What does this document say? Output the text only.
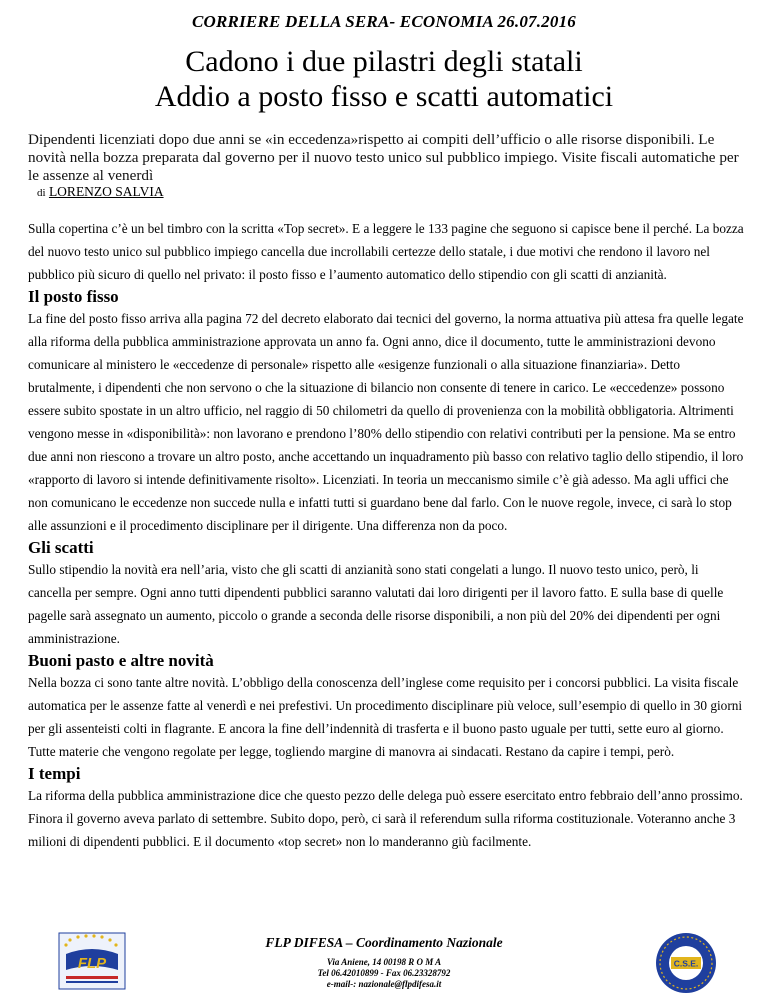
CORRIERE DELLA SERA- ECONOMIA 26.07.2016
Cadono i due pilastri degli statali
Addio a posto fisso e scatti automatici
Dipendenti licenziati dopo due anni se «in eccedenza»rispetto ai compiti dell’ufficio o alle risorse disponibili. Le novità nella bozza preparata dal governo per il nuovo testo unico sul pubblico impiego. Visite fiscali automatiche per le assenze al venerdì
di LORENZO SALVIA

Sulla copertina c’è un bel timbro con la scritta «Top secret». E a leggere le 133 pagine che seguono si capisce bene il perché. La bozza del nuovo testo unico sul pubblico impiego cancella due incrollabili certezze dello statale, i due motivi che rendono il lavoro nel pubblico più sicuro di quello nel privato: il posto fisso e l’aumento automatico dello stipendio con gli scatti di anzianità.

Il posto fisso

La fine del posto fisso arriva alla pagina 72 del decreto elaborato dai tecnici del governo, la norma attuativa più attesa fra quelle legate alla riforma della pubblica amministrazione approvata un anno fa. Ogni anno, dice il documento, tutte le amministrazioni devono comunicare al ministero le «eccedenze di personale» rispetto alle «esigenze funzionali o alla situazione finanziaria». Detto brutalmente, i dipendenti che non servono o che la situazione di bilancio non consente di tenere in carico. Le «eccedenze» possono essere subito spostate in un altro ufficio, nel raggio di 50 chilometri da quello di provenienza con la mobilità obbligatoria. Altrimenti vengono messe in «disponibilità»: non lavorano e prendono l’80% dello stipendio con relativi contributi per la pensione. Ma se entro due anni non riescono a trovare un altro posto, anche accettando un inquadramento più basso con relativo taglio dello stipendio, il loro «rapporto di lavoro si intende definitivamente risolto». Licenziati. In teoria un meccanismo simile c’è già adesso. Ma agli uffici che non comunicano le eccedenze non succede nulla e infatti tutti si guardano bene dal farlo. Con le nuove regole, invece, ci sarà lo stop alle assunzioni e il procedimento disciplinare per il dirigente. Una differenza non da poco.

Gli scatti

Sullo stipendio la novità era nell’aria, visto che gli scatti di anzianità sono stati congelati a lungo. Il nuovo testo unico, però, li cancella per sempre. Ogni anno tutti dipendenti pubblici saranno valutati dai loro dirigenti per il lavoro fatto. E sulla base di quelle pagelle sarà assegnato un aumento, piccolo o grande a seconda delle risorse disponibili, a non più del 20% dei dipendenti per ogni amministrazione.

Buoni pasto e altre novità

Nella bozza ci sono tante altre novità. L’obbligo della conoscenza dell’inglese come requisito per i concorsi pubblici. La visita fiscale automatica per le assenze fatte al venerdì e nei prefestivi. Un procedimento disciplinare più veloce, sull’esempio di quello in 30 giorni per gli assenteisti colti in flagrante. E ancora la fine dell’indennità di trasferta e il buono pasto uguale per tutti, sette euro al giorno. Tutte materie che vengono regolate per legge, togliendo margine di manovra ai sindacati. Restano da capire i tempi, però.

I tempi

La riforma della pubblica amministrazione dice che questo pezzo delle delega può essere esercitato entro febbraio dell’anno prossimo. Finora il governo aveva parlato di settembre. Subito dopo, però, ci sarà il referendum sulla riforma costituzionale. Voteranno anche 3 milioni di dipendenti pubblici. E il documento «top secret» non lo manderanno giù facilmente.

FLP
FLP DIFESA – Coordinamento Nazionale
Via Aniene, 14 00198 R O M A
Tel 06.42010899 - Fax 06.23328792
e-mail-: nazionale@flpdifesa.it
C.S.E.
